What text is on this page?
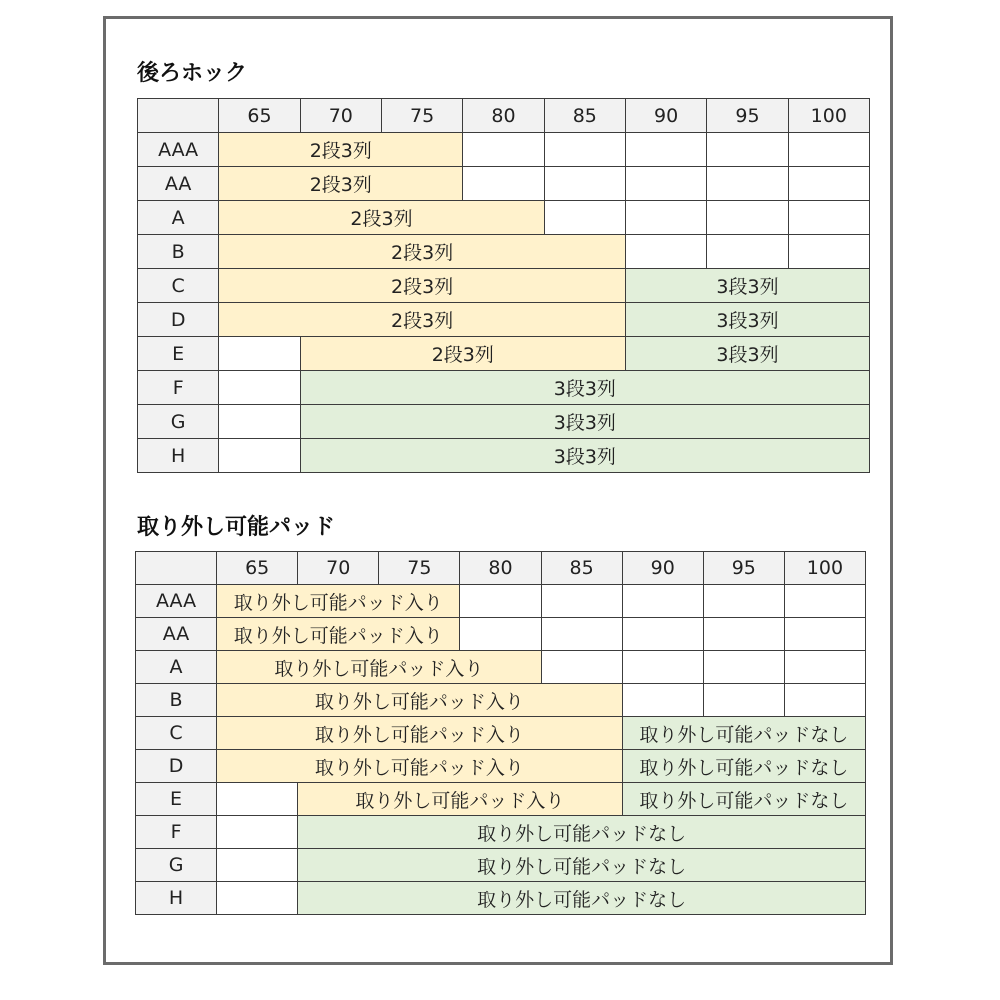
後ろホック
	65	70	75	80	85	90	95	100
AAA	2段3列							
AA	2段3列							
A	2段3列							
B	2段3列							
C	2段3列					3段3列		
D	2段3列					3段3列		
E		2段3列				3段3列		
F		3段3列						
G		3段3列						
H		3段3列						
取り外し可能パッド
	65	70	75	80	85	90	95	100
AAA	取り外し可能パッド入り							
AA	取り外し可能パッド入り							
A	取り外し可能パッド入り							
B	取り外し可能パッド入り							
C	取り外し可能パッド入り					取り外し可能パッドなし		
D	取り外し可能パッド入り					取り外し可能パッドなし		
E		取り外し可能パッド入り				取り外し可能パッドなし		
F		取り外し可能パッドなし						
G		取り外し可能パッドなし						
H		取り外し可能パッドなし						
